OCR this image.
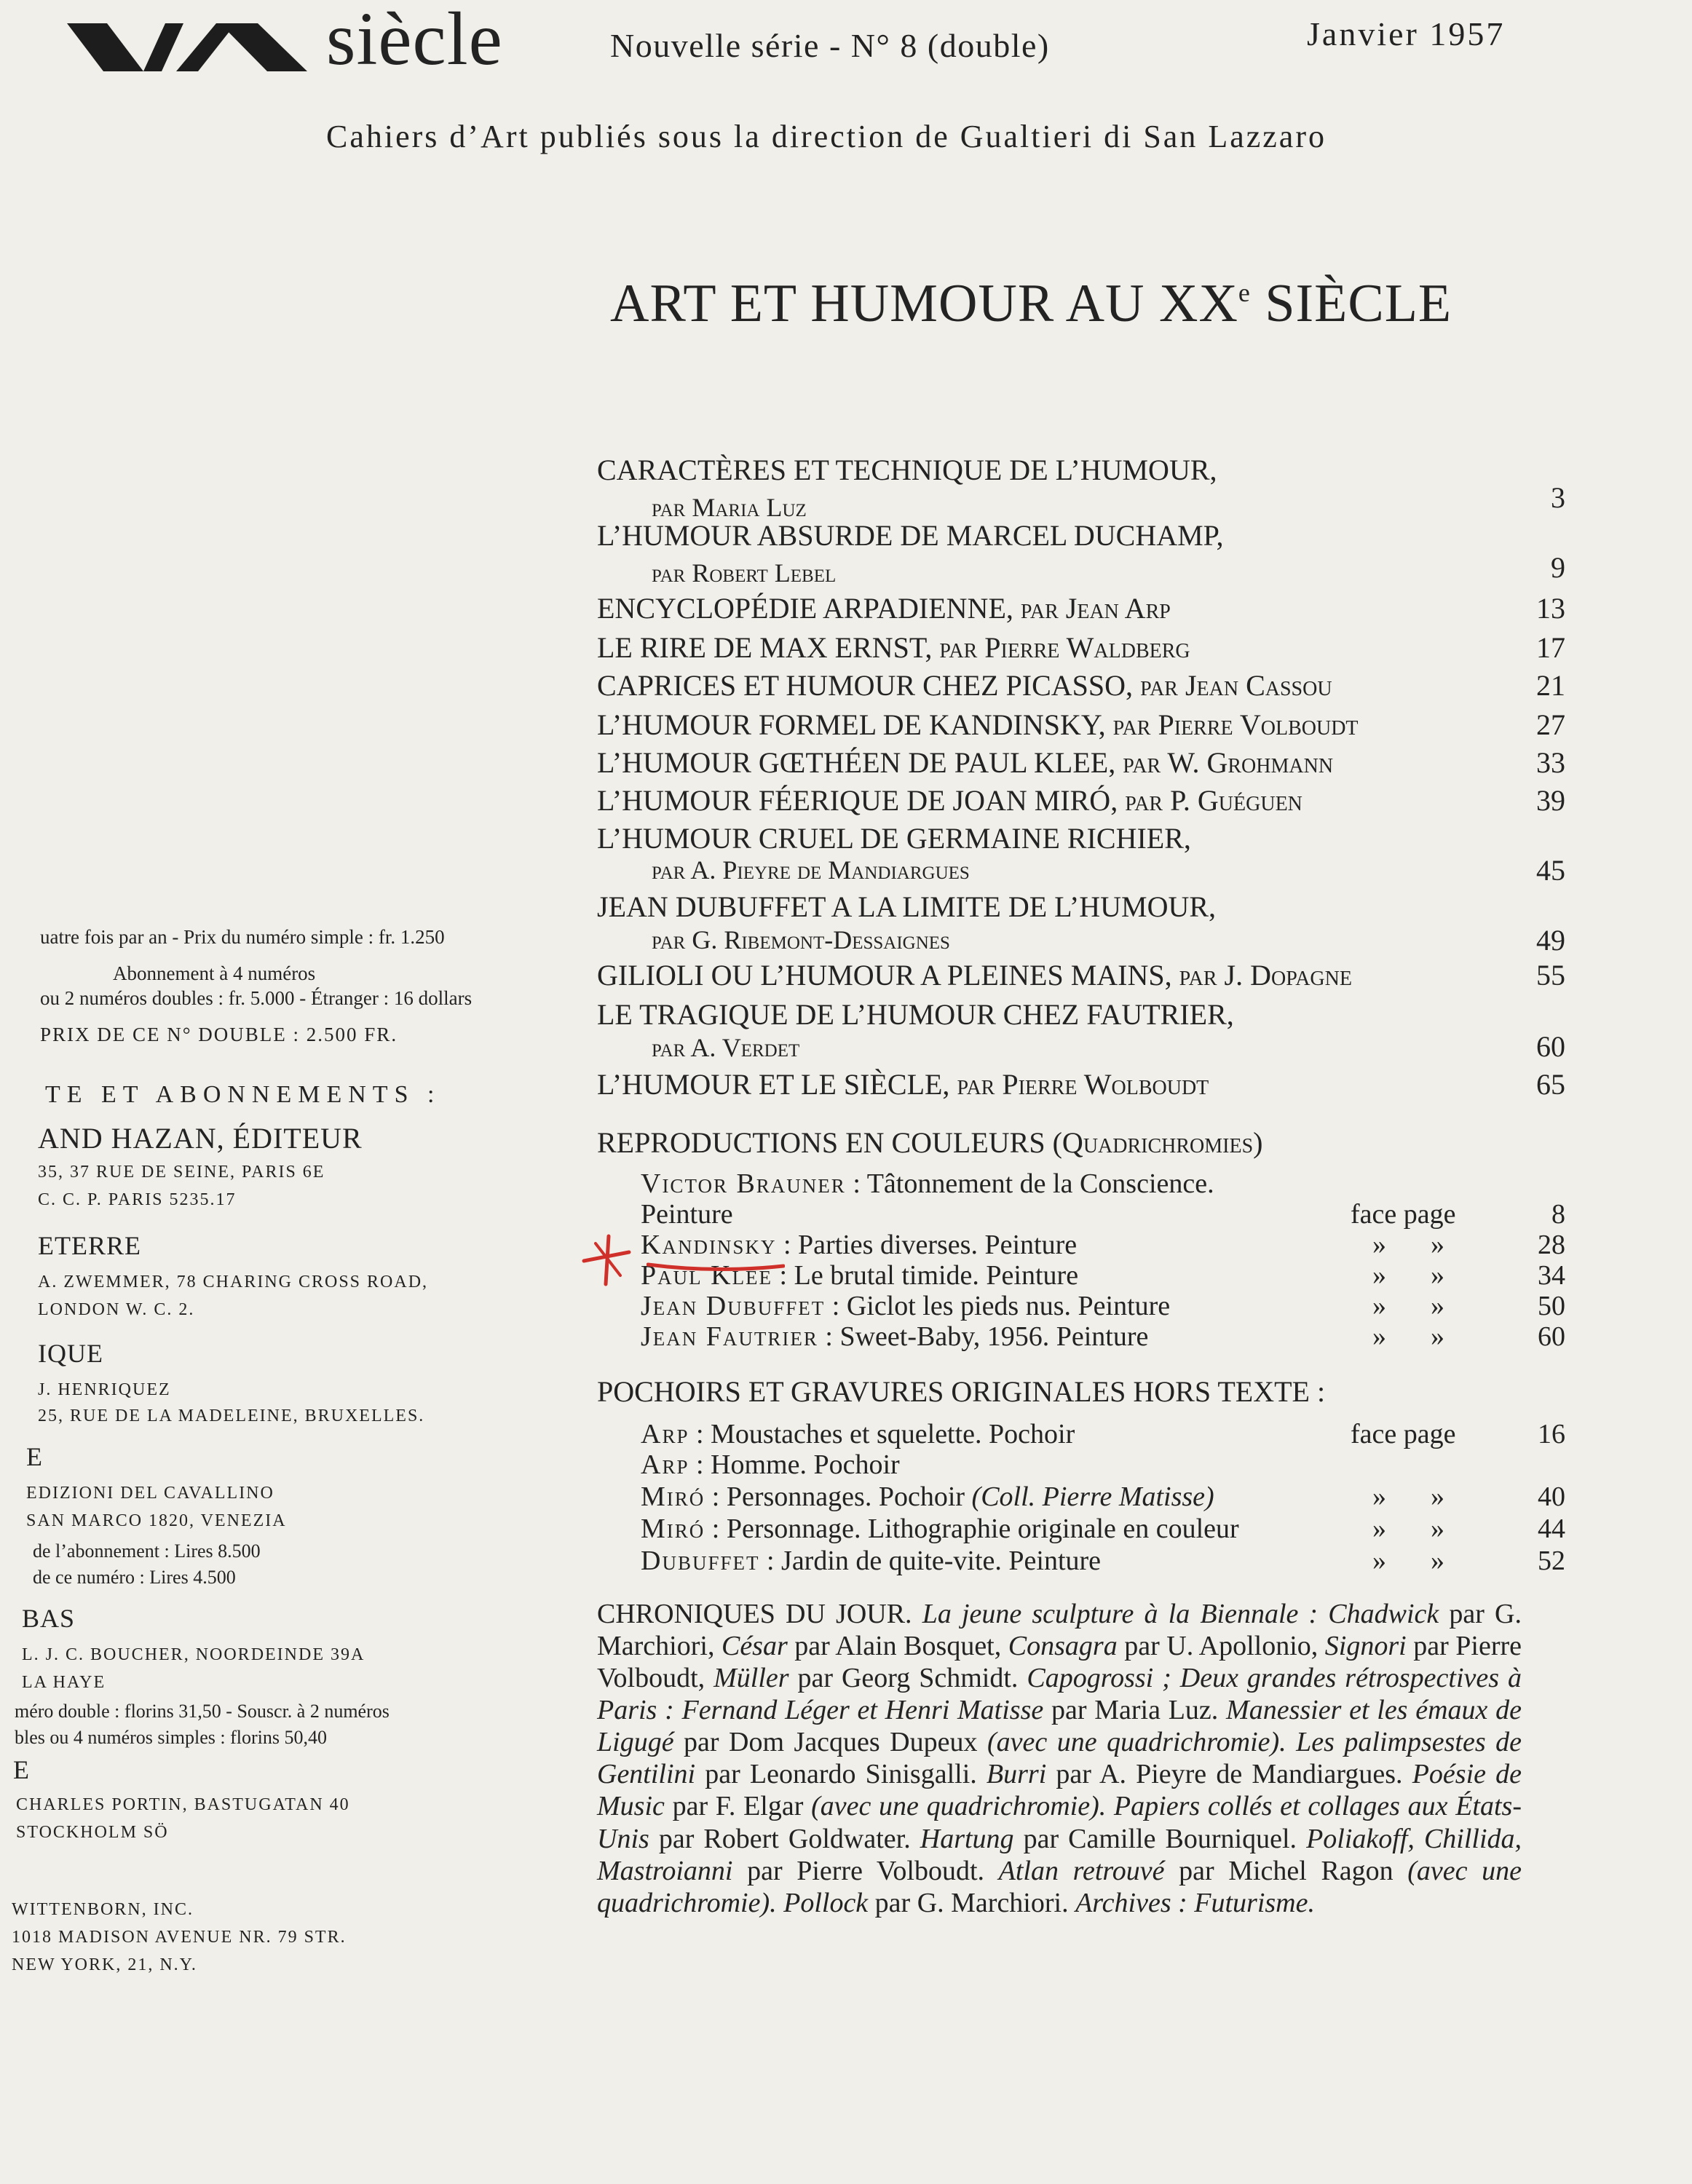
siècle	Nouvelle série - N° 8 (double)	Janvier 1957
Cahiers d’Art publiés sous la direction de Gualtieri di San Lazzaro
ART ET HUMOUR AU XXe SIÈCLE
uatre fois par an - Prix du numéro simple : fr. 1.250
Abonnement à 4 numéros
ou 2 numéros doubles : fr. 5.000 - Étranger : 16 dollars
PRIX DE CE N° DOUBLE : 2.500 FR.
TE ET ABONNEMENTS :
AND HAZAN, ÉDITEUR
35, 37 RUE DE SEINE, PARIS 6E
C. C. P. PARIS 5235.17
ETERRE
A. ZWEMMER, 78 CHARING CROSS ROAD,
LONDON W. C. 2.
IQUE
J. HENRIQUEZ
25, RUE DE LA MADELEINE, BRUXELLES.
E
EDIZIONI DEL CAVALLINO
SAN MARCO 1820, VENEZIA
de l’abonnement : Lires 8.500
de ce numéro : Lires 4.500
BAS
L. J. C. BOUCHER, NOORDEINDE 39A
LA HAYE
méro double : florins 31,50 - Souscr. à 2 numéros
bles ou 4 numéros simples : florins 50,40
E
CHARLES PORTIN, BASTUGATAN 40
STOCKHOLM SÖ
WITTENBORN, INC.
1018 MADISON AVENUE NR. 79 STR.
NEW YORK, 21, N.Y.
CARACTÈRES ET TECHNIQUE DE L’HUMOUR,
par Maria Luz	3
L’HUMOUR ABSURDE DE MARCEL DUCHAMP,
par Robert Lebel	9
ENCYCLOPÉDIE ARPADIENNE, par Jean Arp	13
LE RIRE DE MAX ERNST, par Pierre Waldberg	17
CAPRICES ET HUMOUR CHEZ PICASSO, par Jean Cassou	21
L’HUMOUR FORMEL DE KANDINSKY, par Pierre Volboudt	27
L’HUMOUR GŒTHÉEN DE PAUL KLEE, par W. Grohmann	33
L’HUMOUR FÉERIQUE DE JOAN MIRÓ, par P. Guéguen	39
L’HUMOUR CRUEL DE GERMAINE RICHIER,
par A. Pieyre de Mandiargues	45
JEAN DUBUFFET A LA LIMITE DE L’HUMOUR,
par G. Ribemont-Dessaignes	49
GILIOLI OU L’HUMOUR A PLEINES MAINS, par J. Dopagne	55
LE TRAGIQUE DE L’HUMOUR CHEZ FAUTRIER,
par A. Verdet	60
L’HUMOUR ET LE SIÈCLE, par Pierre Wolboudt	65
REPRODUCTIONS EN COULEURS (Quadrichromies)
Victor Brauner : Tâtonnement de la Conscience.
Peinture	face page	8
Kandinsky : Parties diverses. Peinture	» »	28
Paul Klee : Le brutal timide. Peinture	» »	34
Jean Dubuffet : Giclot les pieds nus. Peinture	» »	50
Jean Fautrier : Sweet-Baby, 1956. Peinture	» »	60
POCHOIRS ET GRAVURES ORIGINALES HORS TEXTE :
Arp : Moustaches et squelette. Pochoir	face page	16
Arp : Homme. Pochoir
Miró : Personnages. Pochoir (Coll. Pierre Matisse)	» »	40
Miró : Personnage. Lithographie originale en couleur	» »	44
Dubuffet : Jardin de quite-vite. Peinture	» »	52

CHRONIQUES DU JOUR. La jeune sculpture à la Biennale : Chadwick par G. Marchiori, César par Alain Bosquet, Consagra par U. Apollonio, Signori par Pierre Volboudt, Müller par Georg Schmidt. Capogrossi ; Deux grandes rétrospectives à Paris : Fernand Léger et Henri Matisse par Maria Luz. Manessier et les émaux de Ligugé par Dom Jacques Dupeux (avec une quadrichromie). Les palimpsestes de Gentilini par Leonardo Sinisgalli. Burri par A. Pieyre de Mandiargues. Poésie de Music par F. Elgar (avec une quadrichromie). Papiers collés et collages aux États-Unis par Robert Goldwater. Hartung par Camille Bourniquel. Poliakoff, Chillida, Mastroianni par Pierre Volboudt. Atlan retrouvé par Michel Ragon (avec une quadrichromie). Pollock par G. Marchiori. Archives : Futurisme.
